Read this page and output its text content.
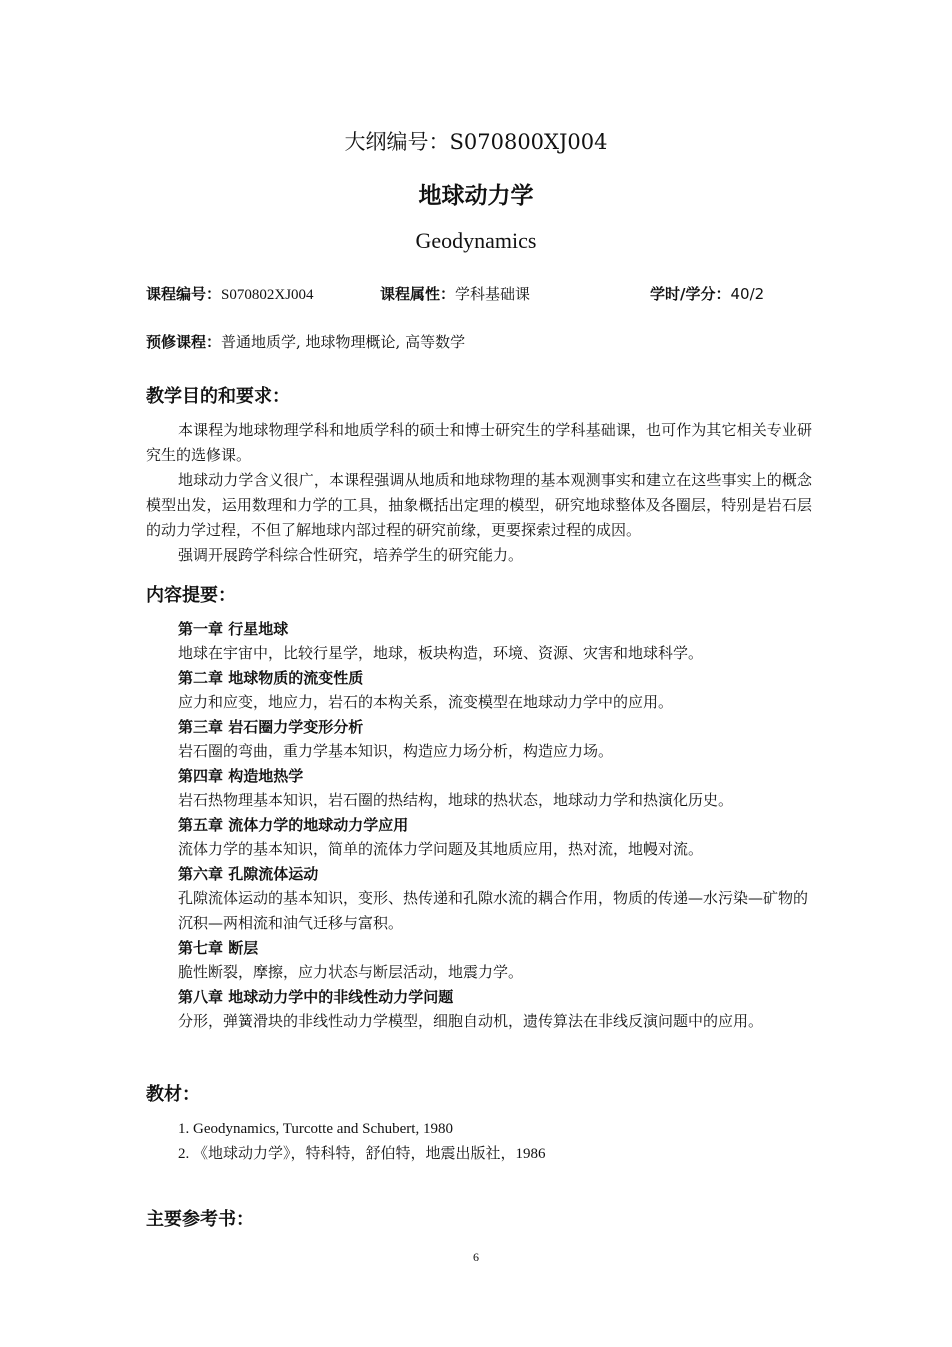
大纲编号：S070800XJ004
地球动力学
Geodynamics
课程编号：S070802XJ004	课程属性：学科基础课	学时/学分：40/2
预修课程：普通地质学, 地球物理概论, 高等数学
教学目的和要求：

本课程为地球物理学科和地质学科的硕士和博士研究生的学科基础课，也可作为其它相关专业研究生的选修课。

地球动力学含义很广，本课程强调从地质和地球物理的基本观测事实和建立在这些事实上的概念模型出发，运用数理和力学的工具，抽象概括出定理的模型，研究地球整体及各圈层，特别是岩石层的动力学过程，不但了解地球内部过程的研究前缘，更要探索过程的成因。

强调开展跨学科综合性研究，培养学生的研究能力。

内容提要：
第一章 行星地球
地球在宇宙中，比较行星学，地球，板块构造，环境、资源、灾害和地球科学。
第二章 地球物质的流变性质
应力和应变，地应力，岩石的本构关系，流变模型在地球动力学中的应用。
第三章 岩石圈力学变形分析
岩石圈的弯曲，重力学基本知识，构造应力场分析，构造应力场。
第四章 构造地热学
岩石热物理基本知识，岩石圈的热结构，地球的热状态，地球动力学和热演化历史。
第五章 流体力学的地球动力学应用
流体力学的基本知识，简单的流体力学问题及其地质应用，热对流，地幔对流。
第六章 孔隙流体运动
孔隙流体运动的基本知识，变形、热传递和孔隙水流的耦合作用，物质的传递—水污染—矿物的沉积—两相流和油气迁移与富积。
第七章 断层
脆性断裂，摩擦，应力状态与断层活动，地震力学。
第八章 地球动力学中的非线性动力学问题
分形，弹簧滑块的非线性动力学模型，细胞自动机，遗传算法在非线反演问题中的应用。
教材：
1. Geodynamics, Turcotte and Schubert, 1980
2. 《地球动力学》，特科特，舒伯特，地震出版社，1986
主要参考书：
6
